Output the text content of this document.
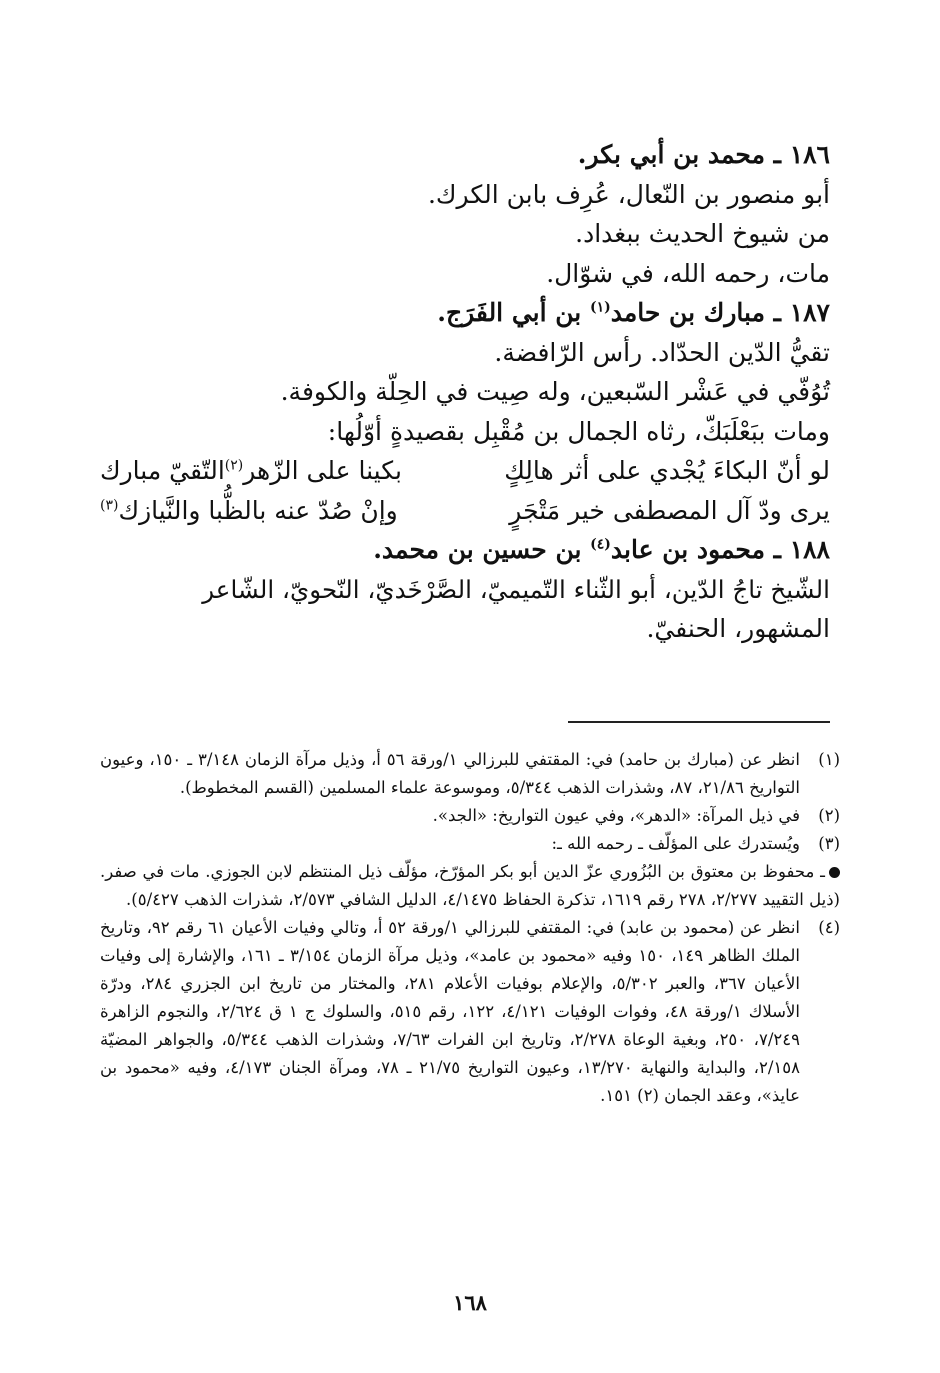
١٨٦ ـ محمد بن أبي بكر.

أبو منصور بن النّعال، عُرِف بابن الكرك.

من شيوخ الحديث ببغداد.

مات، رحمه الله، في شوّال.

١٨٧ ـ مبارك بن حامد$^{(١)}$ بن أبي الفَرَج.

تقيُّ الدّين الحدّاد. رأس الرّافضة.

تُوُفّي في عَشْر السّبعين، وله صِيت في الحِلّة والكوفة.

ومات ببَعْلَبَكّ، رثاه الجمال بن مُقْبِل بقصيدةٍ أوّلُها:

لو أنّ البكاءَ يُجْدي على أثر هالِكٍ
بكينا على الزّهر$^{(٢)}$التّقيّ مبارك
يرى ودّ آل المصطفى خير مَتْجَرٍ
وإنْ صُدّ عنه بالظُّبا والنَّيازك$^{(٣)}$

١٨٨ ـ محمود بن عابد$^{(٤)}$ بن حسين بن محمد.

الشّيخ تاجُ الدّين، أبو الثّناء التّميميّ، الصَّرْخَديّ، النّحويّ، الشّاعر

المشهور، الحنفيّ.

(١)
انظر عن (مبارك بن حامد) في: المقتفي للبرزالي ١/ورقة ٥٦ أ، وذيل مرآة الزمان ٣/١٤٨ ـ ١٥٠، وعيون التواريخ ٢١/٨٦، ٨٧، وشذرات الذهب ٥/٣٤٤، وموسوعة علماء المسلمين (القسم المخطوط).
(٢)
في ذيل المرآة: «الدهر»، وفي عيون التواريخ: «الجد».
(٣)
ويُستدرك على المؤلّف ـ رحمه الله ـ:
ـ محفوظ بن معتوق بن البُزُوري عزّ الدين أبو بكر المؤرّخ، مؤلّف ذيل المنتظم لابن الجوزي. مات في صفر. (ذيل التقييد ٢/٢٧٧، ٢٧٨ رقم ١٦١٩، تذكرة الحفاظ ٤/١٤٧٥، الدليل الشافي ٢/٥٧٣، شذرات الذهب ٥/٤٢٧).
(٤)
انظر عن (محمود بن عابد) في: المقتفي للبرزالي ١/ورقة ٥٢ أ، وتالي وفيات الأعيان ٦١ رقم ٩٢، وتاريخ الملك الظاهر ١٤٩، ١٥٠ وفيه «محمود بن عامد»، وذيل مرآة الزمان ٣/١٥٤ ـ ١٦١، والإشارة إلى وفيات الأعيان ٣٦٧، والعبر ٥/٣٠٢، والإعلام بوفيات الأعلام ٢٨١، والمختار من تاريخ ابن الجزري ٢٨٤، ودرّة الأسلاك ١/ورقة ٤٨، وفوات الوفيات ٤/١٢١، ١٢٢، رقم ٥١٥، والسلوك ج ١ ق ٢/٦٢٤، والنجوم الزاهرة ٧/٢٤٩، ٢٥٠، وبغية الوعاة ٢/٢٧٨، وتاريخ ابن الفرات ٧/٦٣، وشذرات الذهب ٥/٣٤٤، والجواهر المضيّة ٢/١٥٨، والبداية والنهاية ١٣/٢٧٠، وعيون التواريخ ٢١/٧٥ ـ ٧٨، ومرآة الجنان ٤/١٧٣، وفيه «محمود بن عايذ»، وعقد الجمان (٢) ١٥١.
١٦٨
